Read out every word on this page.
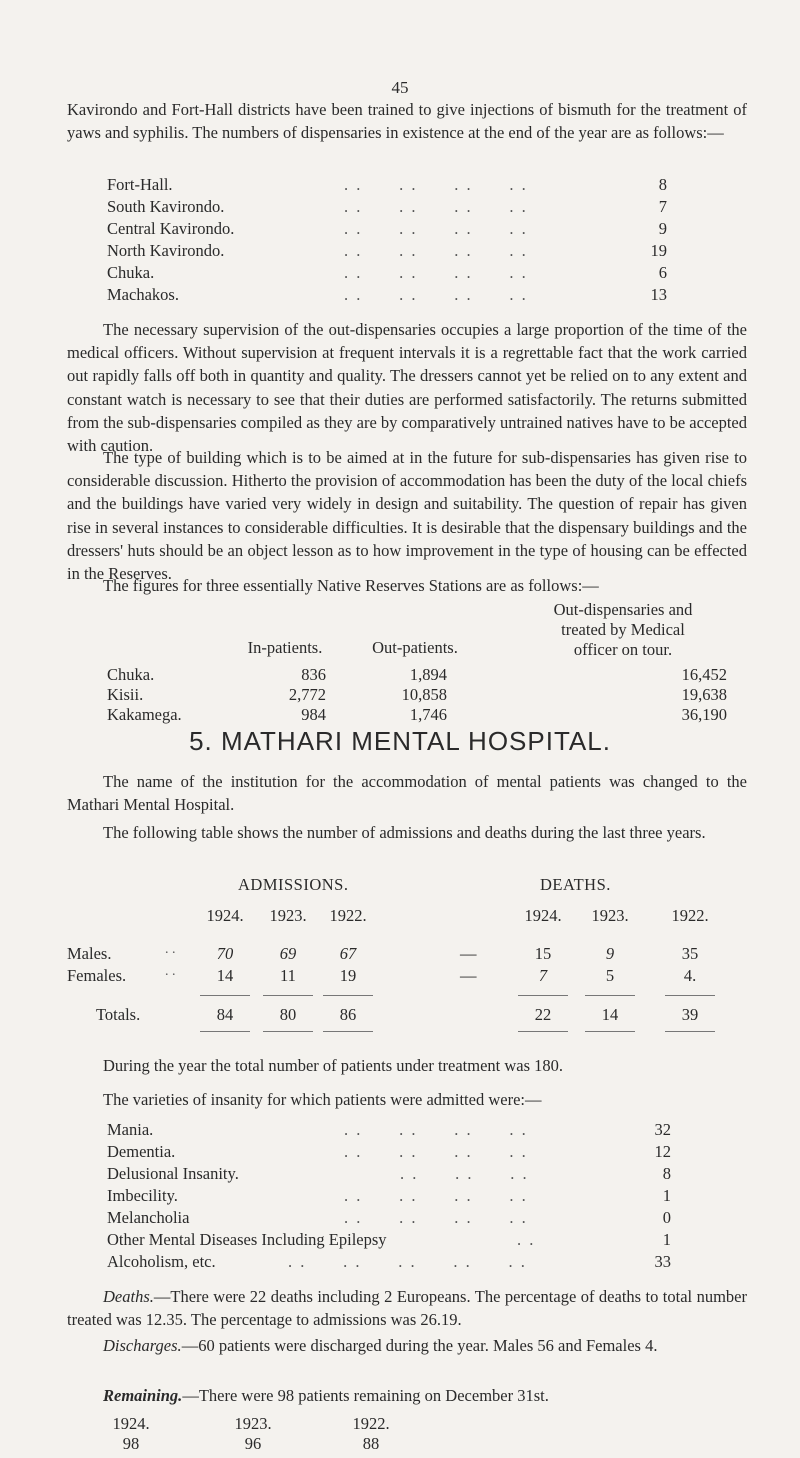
45
Kavirondo and Fort-Hall districts have been trained to give injections of bismuth for the treatment of yaws and syphilis. The numbers of dispensaries in existence at the end of the year are as follows:—
Fort-Hall.	. .      . .      . .      . .	8
South Kavirondo.	. .      . .      . .      . .	7
Central Kavirondo.	. .      . .      . .      . .	9
North Kavirondo.	. .      . .      . .      . .	19
Chuka.	. .      . .      . .      . .	6
Machakos.	. .      . .      . .      . .	13
The necessary supervision of the out-dispensaries occupies a large proportion of the time of the medical officers. Without supervision at frequent intervals it is a regrettable fact that the work carried out rapidly falls off both in quantity and quality. The dressers cannot yet be relied on to any extent and constant watch is necessary to see that their duties are performed satisfactorily. The returns submitted from the sub-dispensaries compiled as they are by comparatively untrained natives have to be accepted with caution.
The type of building which is to be aimed at in the future for sub-dispensaries has given rise to considerable discussion. Hitherto the provision of accommodation has been the duty of the local chiefs and the buildings have varied very widely in design and suitability. The question of repair has given rise in several instances to considerable difficulties. It is desirable that the dispensary buildings and the dressers' huts should be an object lesson as to how improvement in the type of housing can be effected in the Reserves.
The figures for three essentially Native Reserves Stations are as follows:—
In-patients.	Out-patients.
Out-dispensaries and
treated by Medical
officer on tour.
Chuka.	836	1,894	16,452
Kisii.	2,772	10,858	19,638
Kakamega.	984	1,746	36,190
5. MATHARI MENTAL HOSPITAL.
The name of the institution for the accommodation of mental patients was changed to the Mathari Mental Hospital.
The following table shows the number of admissions and deaths during the last three years.
ADMISSIONS.	DEATHS.
1924.	1923.	1922.	1924.	1923.	1922.
Males.	. .	70	69	67	—	15	9	35
Females.	. .	14	11	19	—	7	5	4.
Totals.	84	80	86	22	14	39
During the year the total number of patients under treatment was 180.
The varieties of insanity for which patients were admitted were:—
Mania.	. .      . .      . .      . .	32
Dementia.	. .      . .      . .      . .	12
Delusional Insanity.	. .      . .      . .	8
Imbecility.	. .      . .      . .      . .	1
Melancholia	. .      . .      . .      . .	0
Other Mental Diseases Including Epilepsy	. .	1
Alcoholism, etc.	. .      . .      . .      . .      . .	33
Deaths.—There were 22 deaths including 2 Europeans. The percentage of deaths to total number treated was 12.35. The percentage to admissions was 26.19.
Discharges.—60 patients were discharged during the year. Males 56 and Females 4.
Remaining.—There were 98 patients remaining on December 31st.
1924.	1923.	1922.
98	96	88
